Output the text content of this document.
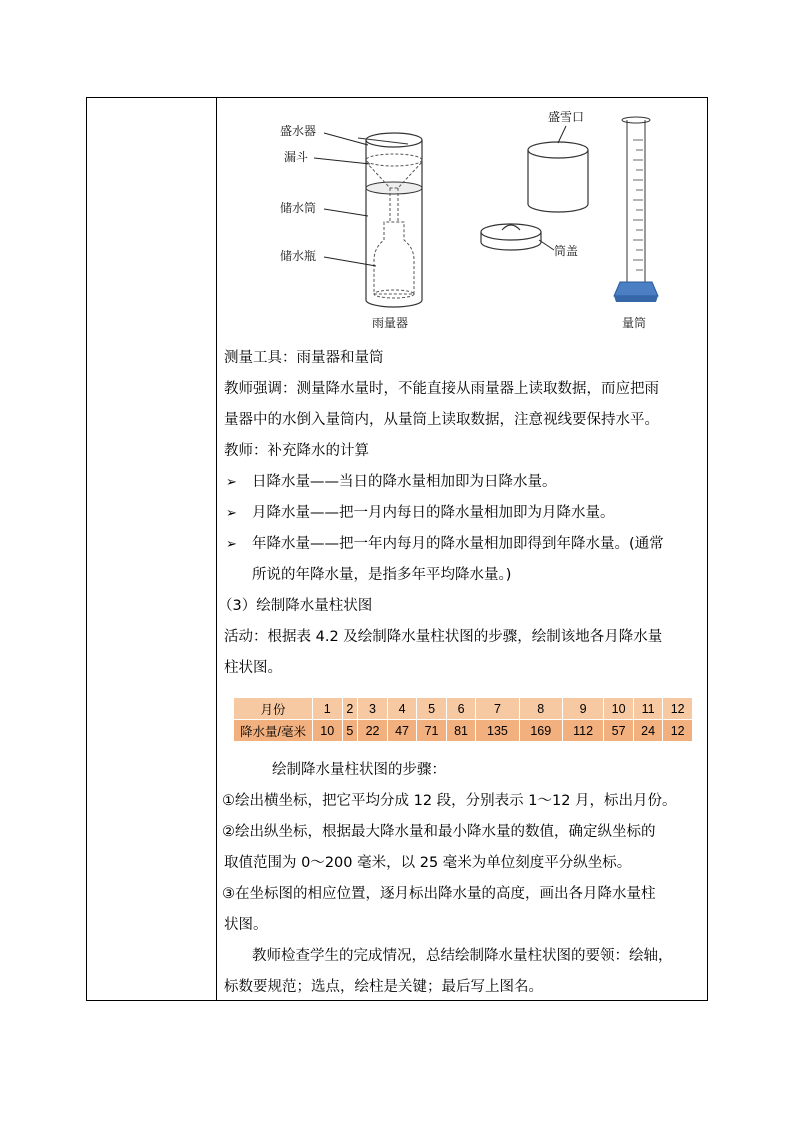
盛水器
漏斗
储水筒
储水瓶
雨量器
盛雪口
筒盖
量筒
测量工具：雨量器和量筒
教师强调：测量降水量时，不能直接从雨量器上读取数据，而应把雨
量器中的水倒入量筒内，从量筒上读取数据，注意视线要保持水平。
教师：补充降水的计算
➢ 日降水量——当日的降水量相加即为日降水量。
➢ 月降水量——把一月内每日的降水量相加即为月降水量。
➢ 年降水量——把一年内每月的降水量相加即得到年降水量。(通常
所说的年降水量，是指多年平均降水量。)
（3）绘制降水量柱状图
活动：根据表 4.2 及绘制降水量柱状图的步骤，绘制该地各月降水量
柱状图。
月份	1	2	3	4	5	6	7	8	9	10	11	12
降水量/毫米	10	5	22	47	71	81	135	169	112	57	24	12
绘制降水量柱状图的步骤：
①绘出横坐标，把它平均分成 12 段，分别表示 1～12 月，标出月份。
②绘出纵坐标，根据最大降水量和最小降水量的数值，确定纵坐标的
取值范围为 0～200 毫米，以 25 毫米为单位刻度平分纵坐标。
③在坐标图的相应位置，逐月标出降水量的高度，画出各月降水量柱
状图。
教师检查学生的完成情况，总结绘制降水量柱状图的要领：绘轴，
标数要规范；选点，绘柱是关键；最后写上图名。
